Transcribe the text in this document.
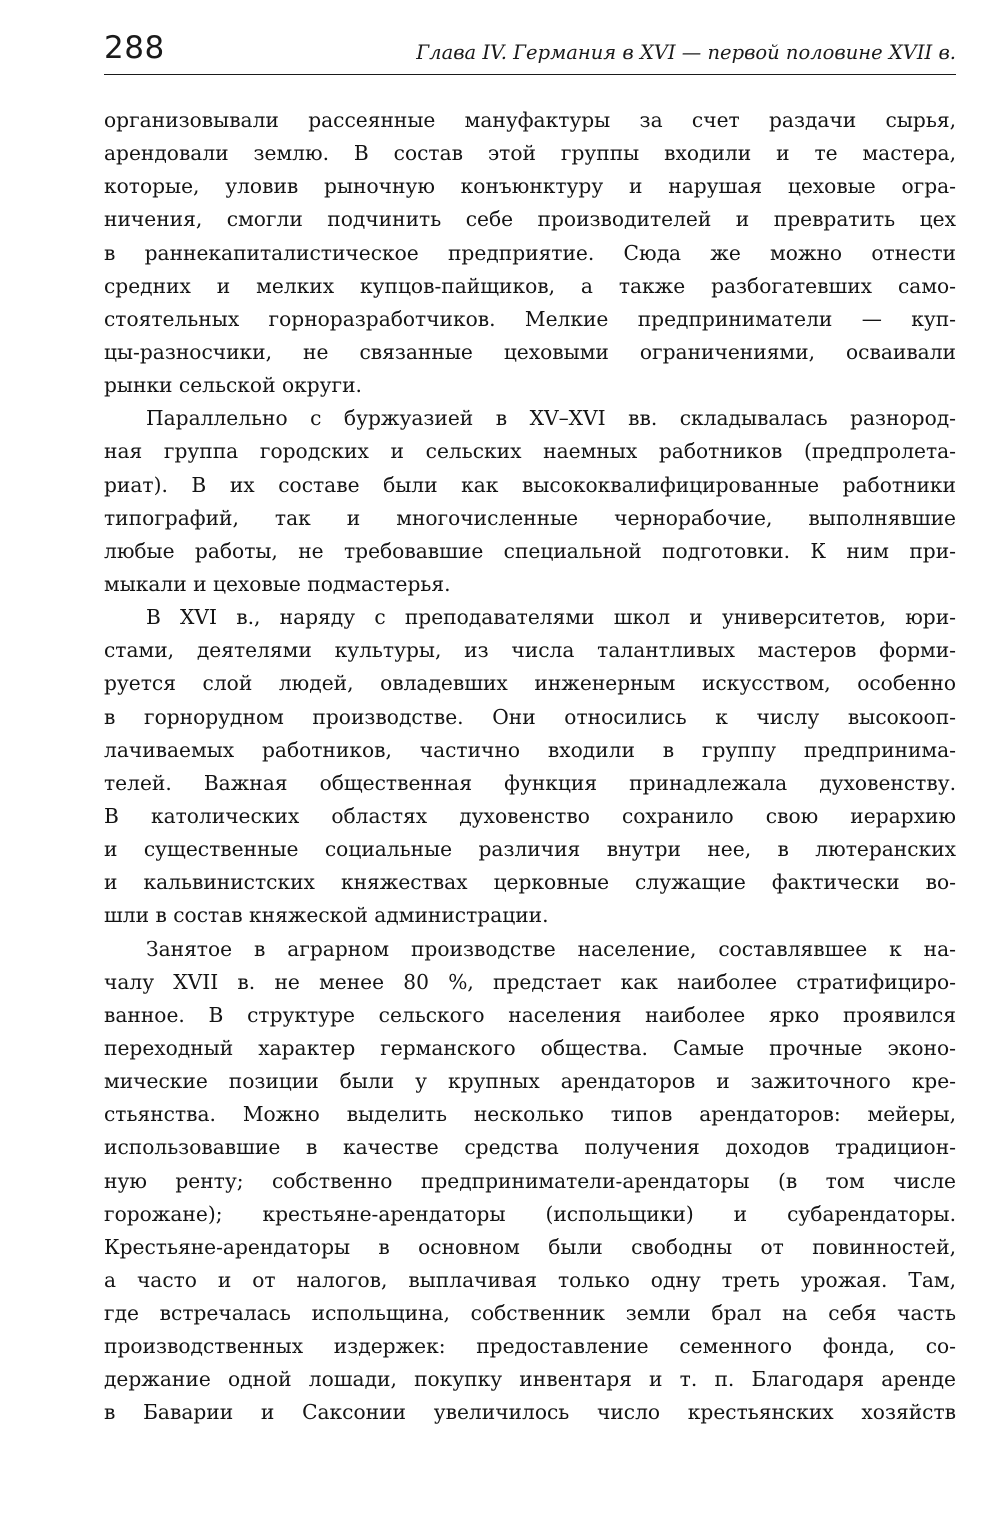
288	Глава IV. Германия в XVI — первой половине XVII в.
организовывали рассеянные мануфактуры за счет раздачи сырья,
арендовали землю. В состав этой группы входили и те мастера,
которые, уловив рыночную конъюнктуру и нарушая цеховые огра-
ничения, смогли подчинить себе производителей и превратить цех
в раннекапиталистическое предприятие. Сюда же можно отнести
средних и мелких купцов-пайщиков, а также разбогатевших само-
стоятельных горноразработчиков. Мелкие предприниматели — куп-
цы-разносчики, не связанные цеховыми ограничениями, осваивали
рынки сельской округи.
Параллельно с буржуазией в XV–XVI вв. складывалась разнород-
ная группа городских и сельских наемных работников (предпролета-
риат). В их составе были как высококвалифицированные работники
типографий, так и многочисленные чернорабочие, выполнявшие
любые работы, не требовавшие специальной подготовки. К ним при-
мыкали и цеховые подмастерья.
В XVI в., наряду с преподавателями школ и университетов, юри-
стами, деятелями культуры, из числа талантливых мастеров форми-
руется слой людей, овладевших инженерным искусством, особенно
в горнорудном производстве. Они относились к числу высокооп-
лачиваемых работников, частично входили в группу предпринима-
телей. Важная общественная функция принадлежала духовенству.
В католических областях духовенство сохранило свою иерархию
и существенные социальные различия внутри нее, в лютеранских
и кальвинистских княжествах церковные служащие фактически во-
шли в состав княжеской администрации.
Занятое в аграрном производстве население, составлявшее к на-
чалу XVII в. не менее 80 %, предстает как наиболее стратифициро-
ванное. В структуре сельского населения наиболее ярко проявился
переходный характер германского общества. Самые прочные эконо-
мические позиции были у крупных арендаторов и зажиточного кре-
стьянства. Можно выделить несколько типов арендаторов: мейеры,
использовавшие в качестве средства получения доходов традицион-
ную ренту; собственно предприниматели-арендаторы (в том числе
горожане); крестьяне-арендаторы (испольщики) и субарендаторы.
Крестьяне-арендаторы в основном были свободны от повинностей,
а часто и от налогов, выплачивая только одну треть урожая. Там,
где встречалась испольщина, собственник земли брал на себя часть
производственных издержек: предоставление семенного фонда, со-
держание одной лошади, покупку инвентаря и т. п. Благодаря аренде
в Баварии и Саксонии увеличилось число крестьянских хозяйств
